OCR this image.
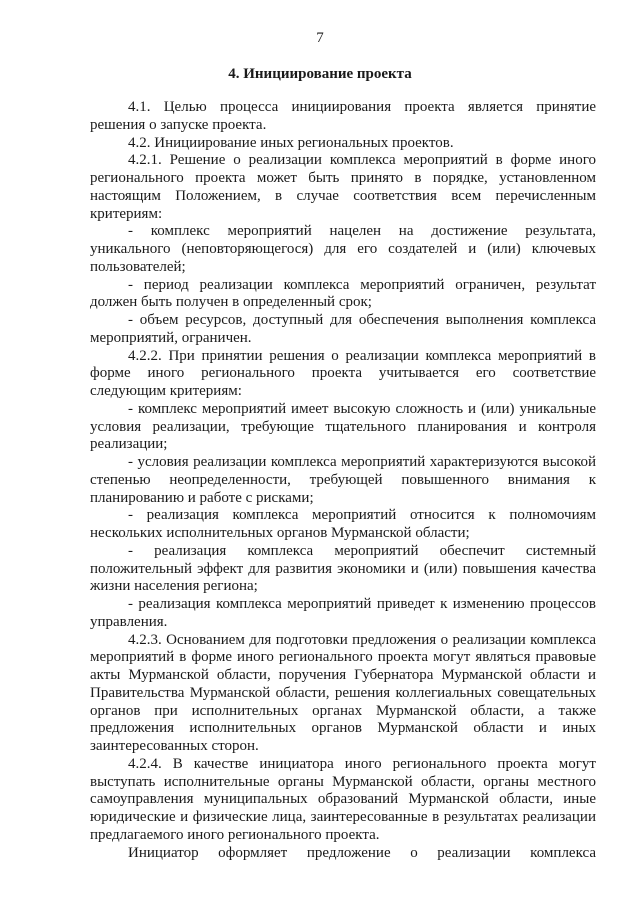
7
4. Инициирование проекта

4.1. Целью процесса инициирования проекта является принятие решения о запуске проекта.

4.2. Инициирование иных региональных проектов.

4.2.1. Решение о реализации комплекса мероприятий в форме иного регионального проекта может быть принято в порядке, установленном настоящим Положением, в случае соответствия всем перечисленным критериям:

- комплекс мероприятий нацелен на достижение результата, уникального (неповторяющегося) для его создателей и (или) ключевых пользователей;

- период реализации комплекса мероприятий ограничен, результат должен быть получен в определенный срок;

- объем ресурсов, доступный для обеспечения выполнения комплекса мероприятий, ограничен.

4.2.2. При принятии решения о реализации комплекса мероприятий в форме иного регионального проекта учитывается его соответствие следующим критериям:

- комплекс мероприятий имеет высокую сложность и (или) уникальные условия реализации, требующие тщательного планирования и контроля реализации;

- условия реализации комплекса мероприятий характеризуются высокой степенью неопределенности, требующей повышенного внимания к планированию и работе с рисками;

- реализация комплекса мероприятий относится к полномочиям нескольких исполнительных органов Мурманской области;

- реализация комплекса мероприятий обеспечит системный положительный эффект для развития экономики и (или) повышения качества жизни населения региона;

- реализация комплекса мероприятий приведет к изменению процессов управления.

4.2.3. Основанием для подготовки предложения о реализации комплекса мероприятий в форме иного регионального проекта могут являться правовые акты Мурманской области, поручения Губернатора Мурманской области и Правительства Мурманской области, решения коллегиальных совещательных органов при исполнительных органах Мурманской области, а также предложения исполнительных органов Мурманской области и иных заинтересованных сторон.

4.2.4. В качестве инициатора иного регионального проекта могут выступать исполнительные органы Мурманской области, органы местного самоуправления муниципальных образований Мурманской области, иные юридические и физические лица, заинтересованные в результатах реализации предлагаемого иного регионального проекта.

Инициатор оформляет предложение о реализации комплекса
